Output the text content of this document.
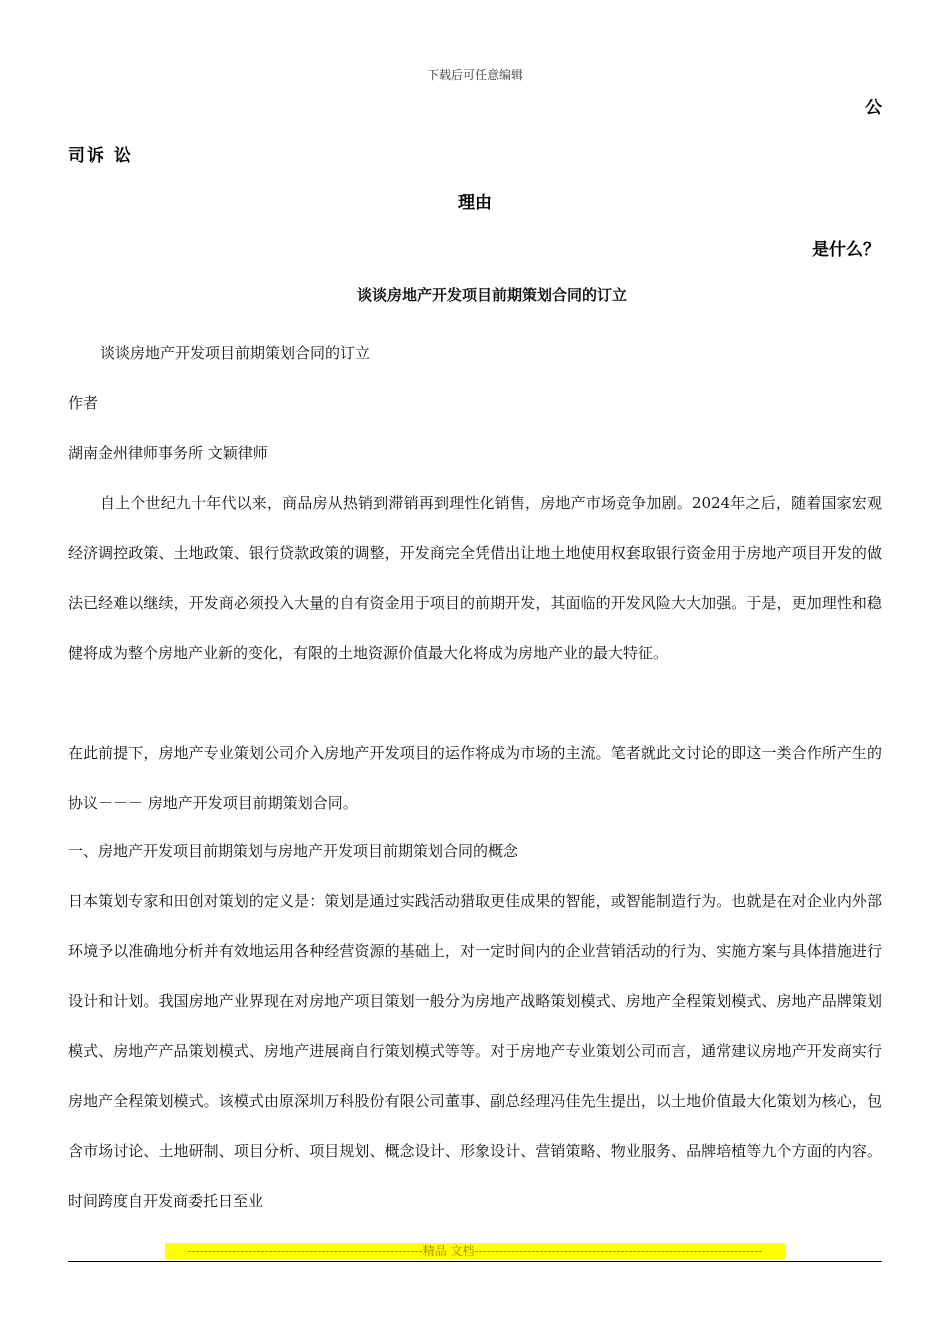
下载后可任意编辑
公
司诉 讼
理由
是什么？
谈谈房地产开发项目前期策划合同的订立
谈谈房地产开发项目前期策划合同的订立
作者
湖南金州律师事务所 文颖律师
自上个世纪九十年代以来，商品房从热销到滞销再到理性化销售，房地产市场竞争加剧。2024年之后，随着国家宏观经济调控政策、土地政策、银行贷款政策的调整，开发商完全凭借出让地土地使用权套取银行资金用于房地产项目开发的做法已经难以继续，开发商必须投入大量的自有资金用于项目的前期开发，其面临的开发风险大大加强。于是，更加理性和稳健将成为整个房地产业新的变化，有限的土地资源价值最大化将成为房地产业的最大特征。
在此前提下，房地产专业策划公司介入房地产开发项目的运作将成为市场的主流。笔者就此文讨论的即这一类合作所产生的协议－－－ 房地产开发项目前期策划合同。
一、房地产开发项目前期策划与房地产开发项目前期策划合同的概念
日本策划专家和田创对策划的定义是：策划是通过实践活动猎取更佳成果的智能，或智能制造行为。也就是在对企业内外部环境予以准确地分析并有效地运用各种经营资源的基础上，对一定时间内的企业营销活动的行为、实施方案与具体措施进行设计和计划。我国房地产业界现在对房地产项目策划一般分为房地产战略策划模式、房地产全程策划模式、房地产品牌策划模式、房地产产品策划模式、房地产进展商自行策划模式等等。对于房地产专业策划公司而言，通常建议房地产开发商实行房地产全程策划模式。该模式由原深圳万科股份有限公司董事、副总经理冯佳先生提出，以土地价值最大化策划为核心，包含市场讨论、土地研制、项目分析、项目规划、概念设计、形象设计、营销策略、物业服务、品牌培植等九个方面的内容。时间跨度自开发商委托日至业
----------------------------------------------------------精品 文档-----------------------------------------------------------------------
